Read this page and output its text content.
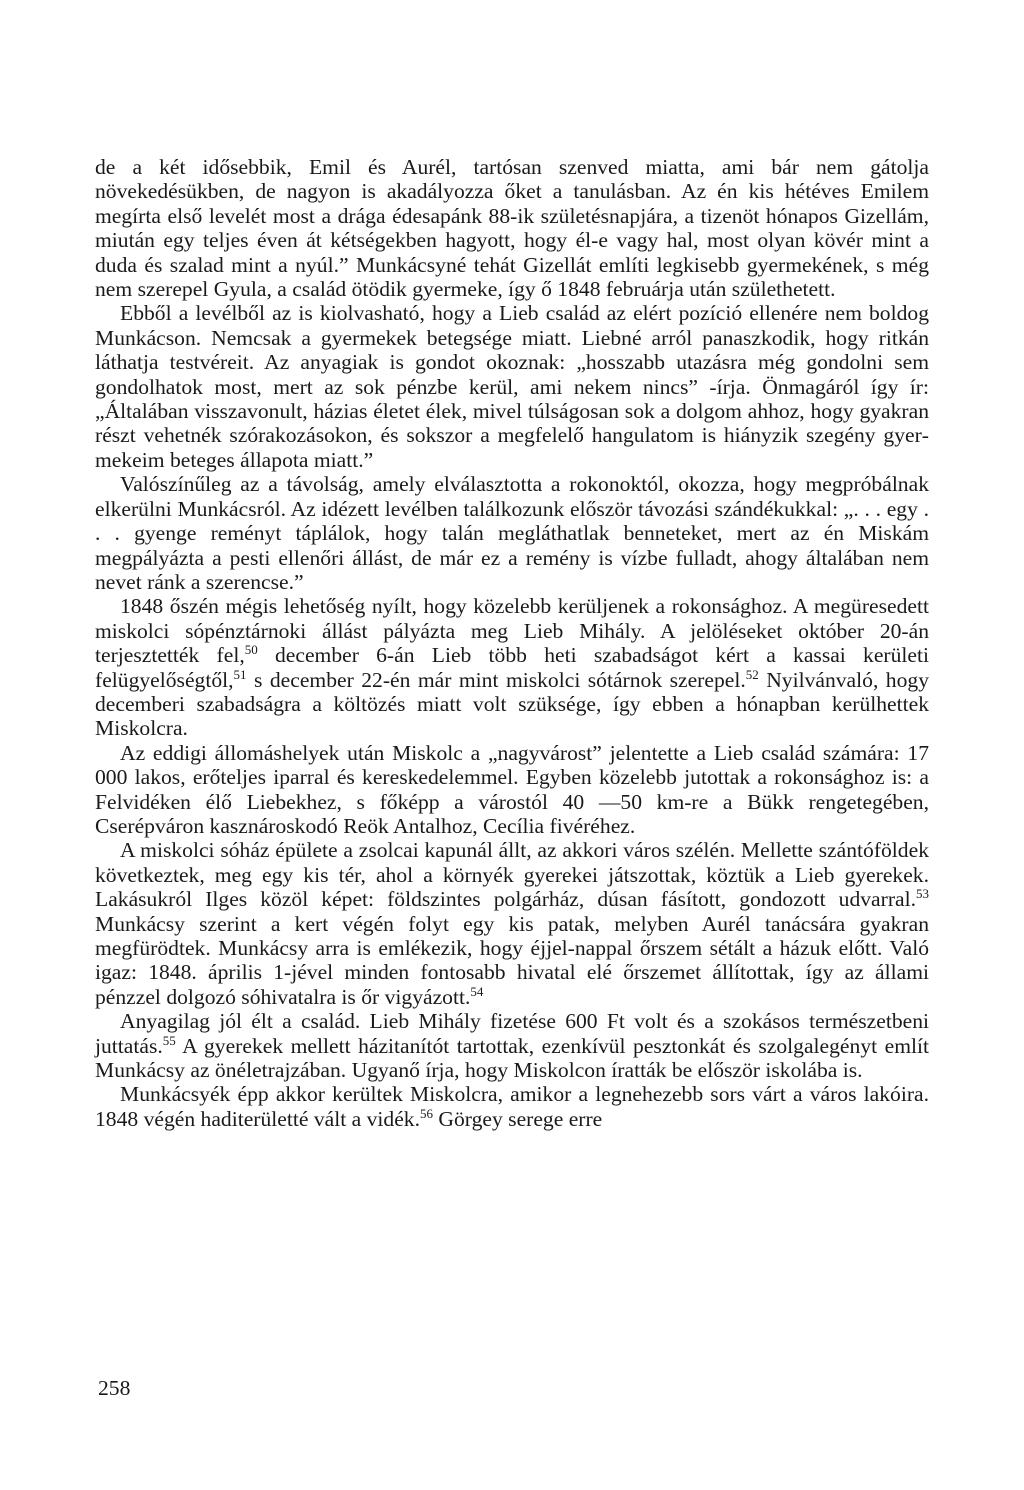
de a két idősebbik, Emil és Aurél, tartósan szenved miatta, ami bár nem gátolja növekedésükben, de nagyon is akadályozza őket a tanulásban. Az én kis hétéves Emilem megírta első levelét most a drága édesapánk 88-ik születésnapjára, a tizenöt hónapos Gizellám, miután egy teljes éven át kétségekben hagyott, hogy él-e vagy hal, most olyan kövér mint a duda és szalad mint a nyúl.” Munkácsyné tehát Gizellát említi legkisebb gyermekének, s még nem szerepel Gyula, a család ötödik gyermeke, így ő 1848 februárja után születhetett.

Ebből a levélből az is kiolvasható, hogy a Lieb család az elért pozíció ellenére nem boldog Munkácson. Nemcsak a gyermekek betegsége miatt. Liebné arról panaszkodik, hogy ritkán láthatja testvéreit. Az anyagiak is gondot okoznak: „hosszabb utazásra még gondolni sem gondolhatok most, mert az sok pénzbe kerül, ami nekem nincs” -írja. Önmagáról így ír: „Általában visszavonult, házias életet élek, mivel túlságosan sok a dolgom ahhoz, hogy gyakran részt vehetnék szórakozásokon, és sokszor a megfelelő hangulatom is hiányzik szegény gyermekeim beteges állapota miatt.”

Valószínűleg az a távolság, amely elválasztotta a rokonoktól, okozza, hogy megpróbálnak elkerülni Munkácsról. Az idézett levélben találkozunk először távozási szándékukkal: „. . . egy . . . gyenge reményt táplálok, hogy talán megláthatlak benneteket, mert az én Miskám megpályázta a pesti ellenőri állást, de már ez a remény is vízbe fulladt, ahogy általában nem nevet ránk a szerencse.”

1848 őszén mégis lehetőség nyílt, hogy közelebb kerüljenek a rokonsághoz. A megüresedett miskolci sópénztárnoki állást pályázta meg Lieb Mihály. A jelöléseket október 20-án terjesztették fel,$^{50}$ december 6-án Lieb több heti szabadságot kért a kassai kerületi felügyelőségtől,$^{51}$ s december 22-én már mint miskolci sótárnok szerepel.$^{52}$ Nyilvánvaló, hogy decemberi szabadságra a költözés miatt volt szüksége, így ebben a hónapban kerülhettek Miskolcra.

Az eddigi állomáshelyek után Miskolc a „nagyvárost” jelentette a Lieb család számára: 17 000 lakos, erőteljes iparral és kereskedelemmel. Egyben közelebb jutottak a rokonsághoz is: a Felvidéken élő Liebekhez, s főképp a várostól 40 —50 km-re a Bükk rengetegében, Cserépváron kasznároskodó Reök Antalhoz, Cecília fivéréhez.

A miskolci sóház épülete a zsolcai kapunál állt, az akkori város szélén. Mellette szántóföldek következtek, meg egy kis tér, ahol a környék gyerekei játszottak, köztük a Lieb gyerekek. Lakásukról Ilges közöl képet: földszintes polgárház, dúsan fásított, gondozott udvarral.$^{53}$ Munkácsy szerint a kert végén folyt egy kis patak, melyben Aurél tanácsára gyakran megfürödtek. Munkácsy arra is emlékezik, hogy éjjel-nappal őrszem sétált a házuk előtt. Való igaz: 1848. április 1-jével minden fontosabb hivatal elé őrszemet állítottak, így az állami pénzzel dolgozó sóhivatalra is őr vigyázott.$^{54}$

Anyagilag jól élt a család. Lieb Mihály fizetése 600 Ft volt és a szokásos természetbeni juttatás.$^{55}$ A gyerekek mellett házitanítót tartottak, ezenkívül pesztonkát és szolgalegényt említ Munkácsy az önéletrajzában. Ugyanő írja, hogy Miskolcon íratták be először iskolába is.

Munkácsyék épp akkor kerültek Miskolcra, amikor a legnehezebb sors várt a város lakóira. 1848 végén haditerületté vált a vidék.$^{56}$ Görgey serege erre

258
